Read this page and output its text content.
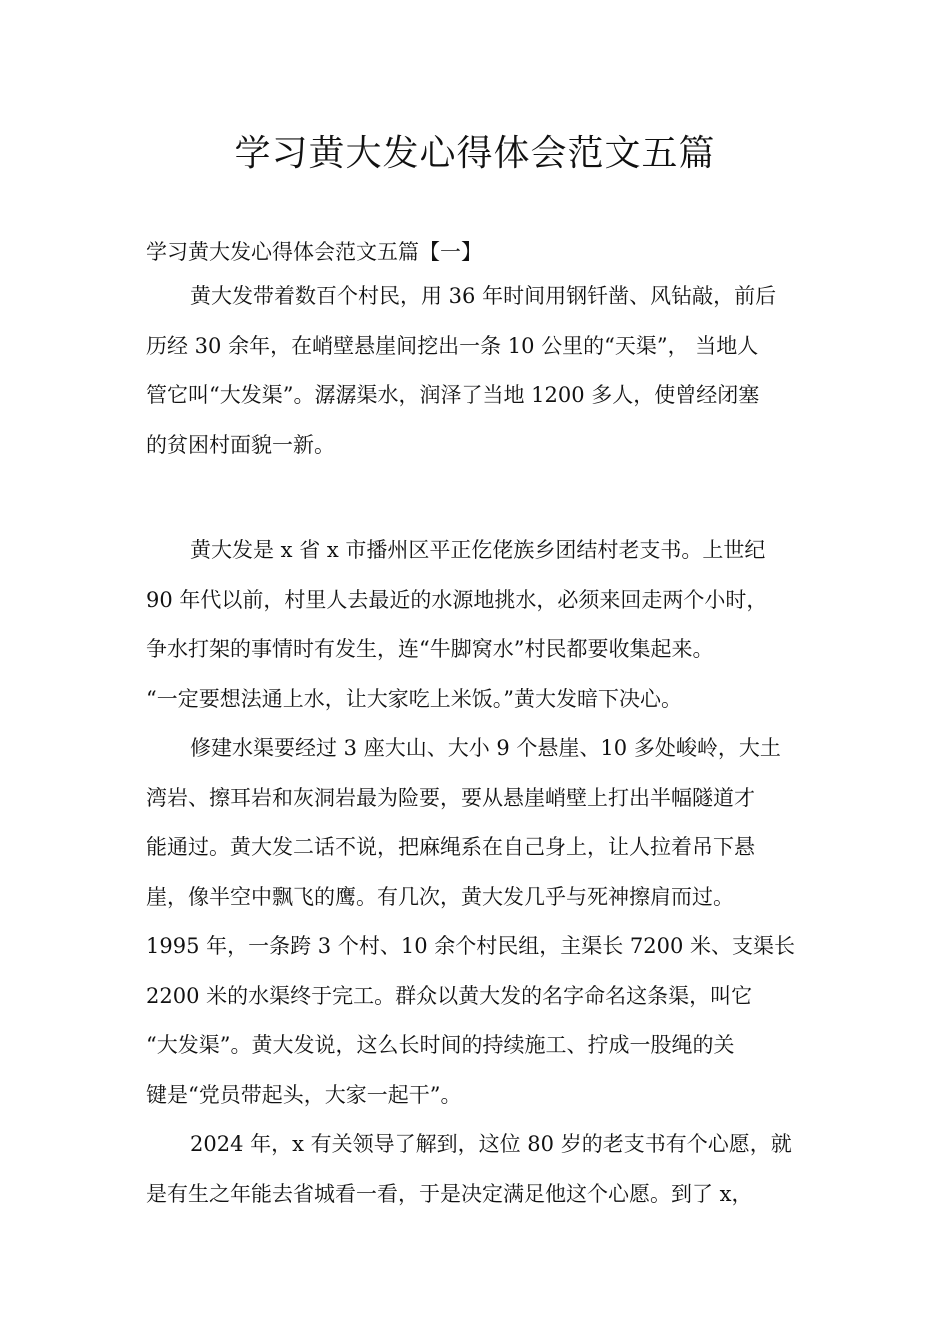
学习黄大发心得体会范文五篇
学习黄大发心得体会范文五篇【一】
黄大发带着数百个村民，用 36 年时间用钢钎凿、风钻敲，前后
历经 30 余年，在峭壁悬崖间挖出一条 10 公里的“天渠”， 当地人
管它叫“大发渠”。潺潺渠水，润泽了当地 1200 多人，使曾经闭塞
的贫困村面貌一新。
黄大发是 x 省 x 市播州区平正仡佬族乡团结村老支书。上世纪
90 年代以前，村里人去最近的水源地挑水，必须来回走两个小时，
争水打架的事情时有发生，连“牛脚窝水”村民都要收集起来。
“一定要想法通上水，让大家吃上米饭。”黄大发暗下决心。
修建水渠要经过 3 座大山、大小 9 个悬崖、10 多处峻岭，大土
湾岩、擦耳岩和灰洞岩最为险要，要从悬崖峭壁上打出半幅隧道才
能通过。黄大发二话不说，把麻绳系在自己身上，让人拉着吊下悬
崖，像半空中飘飞的鹰。有几次，黄大发几乎与死神擦肩而过。
1995 年，一条跨 3 个村、10 余个村民组，主渠长 7200 米、支渠长
2200 米的水渠终于完工。群众以黄大发的名字命名这条渠，叫它
“大发渠”。黄大发说，这么长时间的持续施工、拧成一股绳的关
键是“党员带起头，大家一起干”。
2024 年，x 有关领导了解到，这位 80 岁的老支书有个心愿，就
是有生之年能去省城看一看，于是决定满足他这个心愿。到了 x，
